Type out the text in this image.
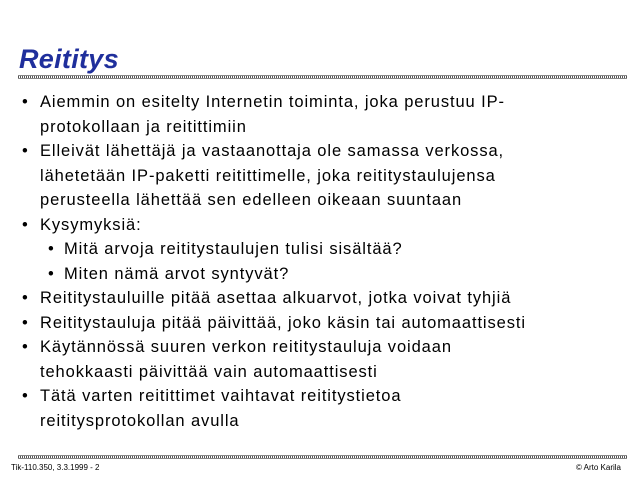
Reititys
• Aiemmin on esitelty Internetin toiminta, joka perustuu IP-
protokollaan ja reitittimiin
• Elleivät lähettäjä ja vastaanottaja ole samassa verkossa,
lähetetään IP-paketti reitittimelle, joka reititystaulujensa
perusteella lähettää sen edelleen oikeaan suuntaan
• Kysymyksiä:
• Mitä arvoja reititystaulujen tulisi sisältää?
• Miten nämä arvot syntyvät?
• Reititystauluille pitää asettaa alkuarvot, jotka voivat tyhjiä
• Reititystauluja pitää päivittää, joko käsin tai automaattisesti
• Käytännössä suuren verkon reititystauluja voidaan
tehokkaasti päivittää vain automaattisesti
• Tätä varten reitittimet vaihtavat reititystietoa
reititysprotokollan avulla
Tik-110.350, 3.3.1999 - 2	© Arto Karila
